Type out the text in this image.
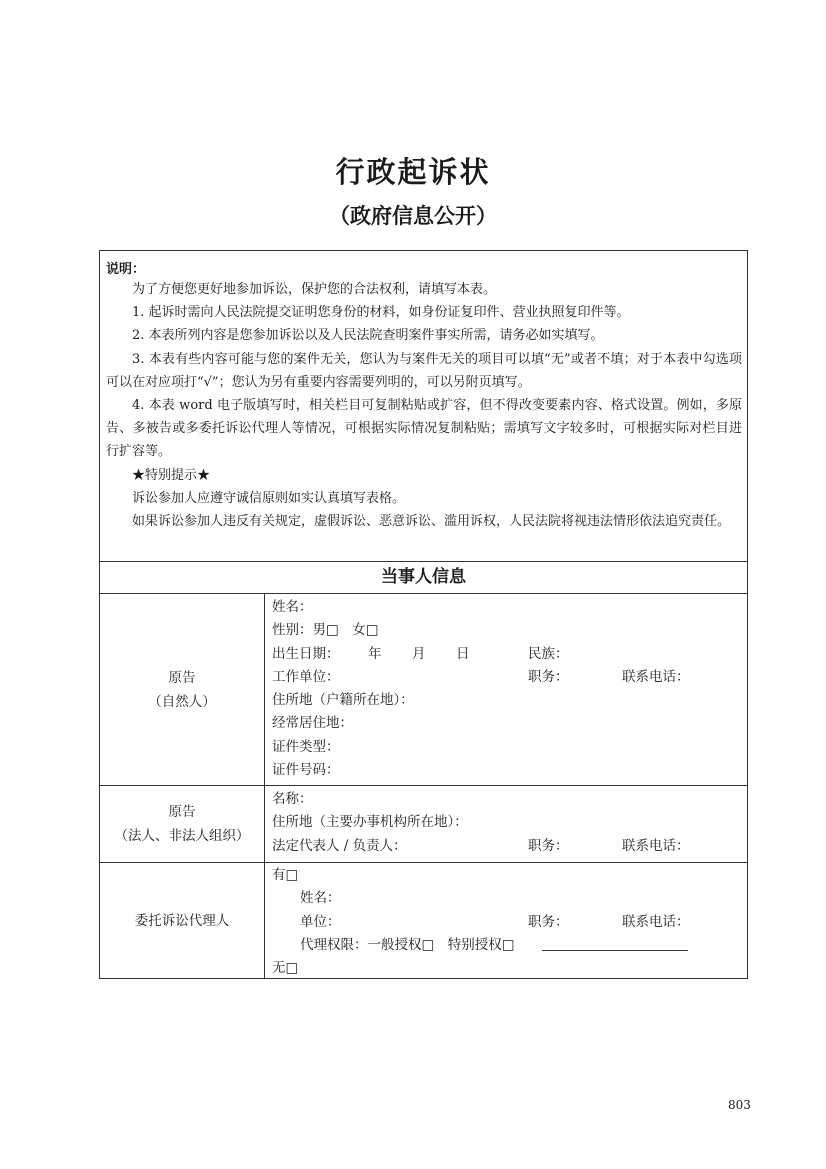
行政起诉状
（政府信息公开）
说明：

为了方便您更好地参加诉讼，保护您的合法权利，请填写本表。

1. 起诉时需向人民法院提交证明您身份的材料，如身份证复印件、营业执照复印件等。

2. 本表所列内容是您参加诉讼以及人民法院查明案件事实所需，请务必如实填写。

3. 本表有些内容可能与您的案件无关，您认为与案件无关的项目可以填“无”或者不填；对于本表中勾选项可以在对应项打“√”；您认为另有重要内容需要列明的，可以另附页填写。

4. 本表 word 电子版填写时，相关栏目可复制粘贴或扩容，但不得改变要素内容、格式设置。例如，多原告、多被告或多委托诉讼代理人等情况，可根据实际情况复制粘贴；需填写文字较多时，可根据实际对栏目进行扩容等。

★特别提示★

诉讼参加人应遵守诚信原则如实认真填写表格。

如果诉讼参加人违反有关规定，虚假诉讼、恶意诉讼、滥用诉权，人民法院将视违法情形依法追究责任。

当事人信息
原告
（自然人）
姓名：
性别：男□　女□
出生日期： 年 月 日	民族：
工作单位：	职务：	联系电话：
住所地（户籍所在地）：
经常居住地：
证件类型：
证件号码：
原告
（法人、非法人组织）
名称：
住所地（主要办事机构所在地）：
法定代表人 / 负责人：	职务：	联系电话：
委托诉讼代理人
有□
姓名：
单位：	职务：	联系电话：
代理权限：一般授权□　特别授权□
无□
803
